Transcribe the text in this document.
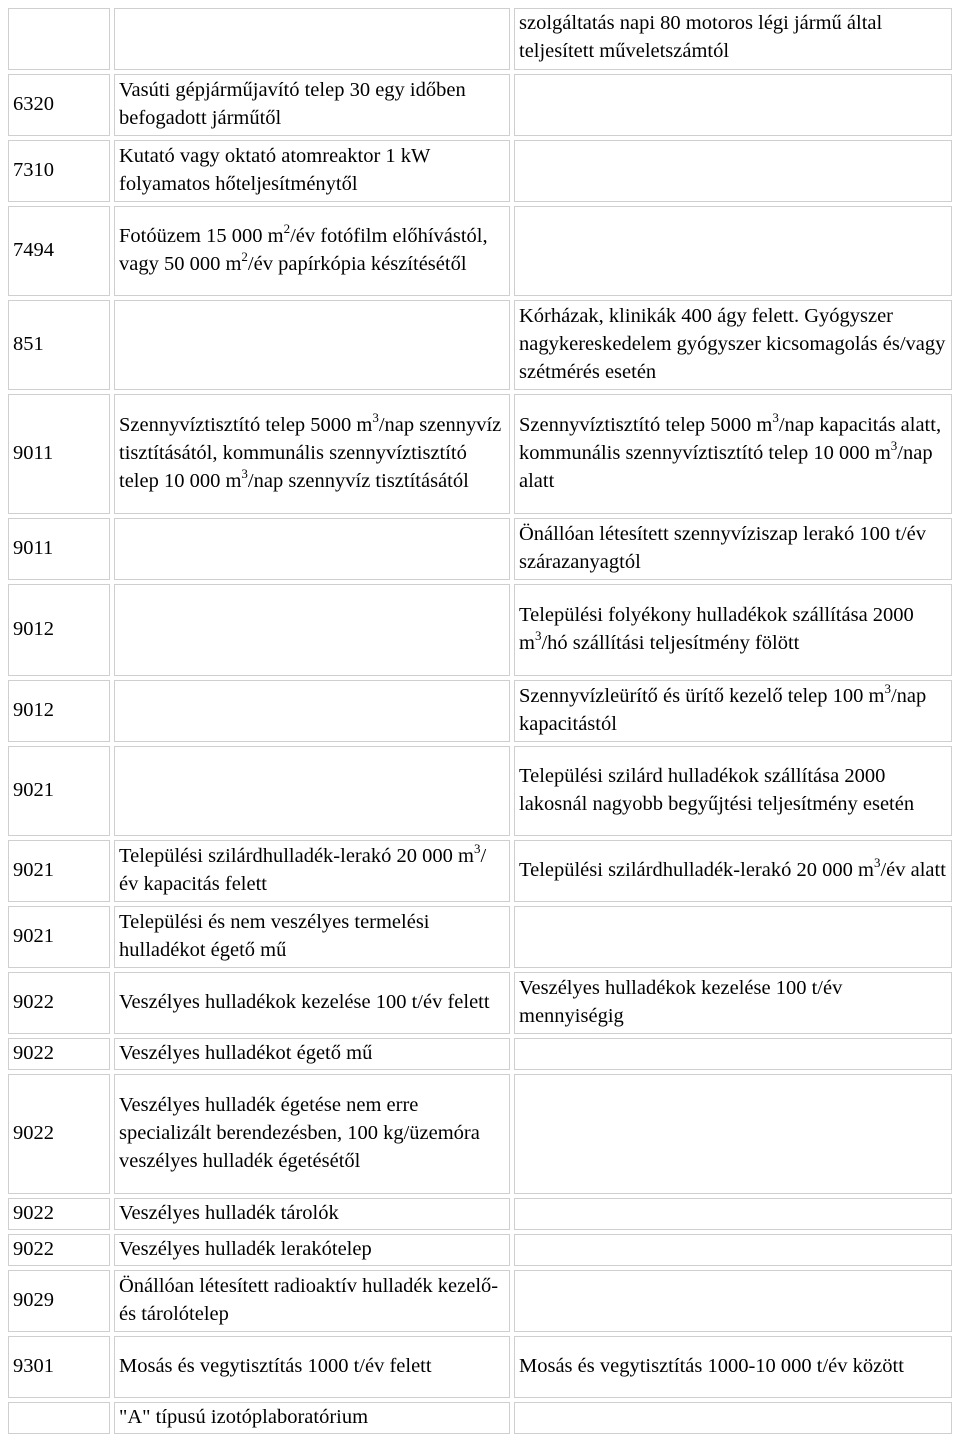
		szolgáltatás napi 80 motoros légi jármű által teljesített műveletszámtól
6320	Vasúti gépjárműjavító telep 30 egy időben befogadott járműtől	
7310	Kutató vagy oktató atomreaktor 1 kW folyamatos hőteljesítménytől	
7494	Fotóüzem 15 000 $m^2/év$ fotófilm előhívástól, vagy 50 000 $m^2/év$ papírkópia készítésétől	
851		Kórházak, klinikák 400 ágy felett. Gyógyszer nagykereskedelem gyógyszer kicsomagolás és/vagy szétmérés esetén
9011	Szennyvíztisztító telep 5000 $m^3$/nap szennyvíz tisztításától, kommunális szennyvíztisztító telep 10 000 $m^3$/nap szennyvíz tisztításától	Szennyvíztisztító telep 5000 $m^3$/nap kapacitás alatt, kommunális szennyvíztisztító telep 10 000 $m^3$/nap alatt
9011		Önállóan létesített szennyvíziszap lerakó 100 t/év szárazanyagtól
9012		Települési folyékony hulladékok szállítása 2000 $m^3/hó$ szállítási teljesítmény fölött
9012		Szennyvízleürítő és ürítő kezelő telep 100 $m^3$/nap kapacitástól
9021		Települési szilárd hulladékok szállítása 2000 lakosnál nagyobb begyűjtési teljesítmény esetén
9021	Települési szilárdhulladék-lerakó 20 000 $m^3/év$ kapacitás felett	Települési szilárdhulladék-lerakó 20 000 $m^3/év$ alatt
9021	Települési és nem veszélyes termelési hulladékot égető mű	
9022	Veszélyes hulladékok kezelése 100 t/év felett	Veszélyes hulladékok kezelése 100 t/év mennyiségig
9022	Veszélyes hulladékot égető mű	
9022	Veszélyes hulladék égetése nem erre specializált berendezésben, 100 kg/üzemóra veszélyes hulladék égetésétől	
9022	Veszélyes hulladék tárolók	
9022	Veszélyes hulladék lerakótelep	
9029	Önállóan létesített radioaktív hulladék kezelő- és tárolótelep	
9301	Mosás és vegytisztítás 1000 t/év felett	Mosás és vegytisztítás 1000-10 000 t/év között
	"A" típusú izotóplaboratórium	
